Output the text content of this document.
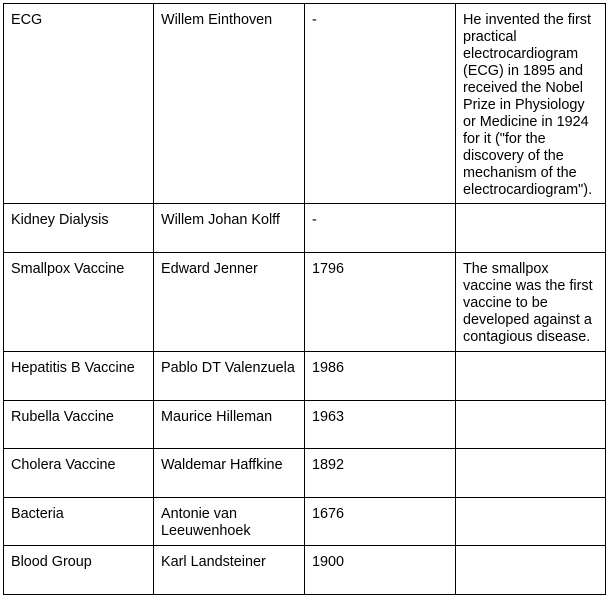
ECG	Willem Einthoven	-	He invented the first practical electrocardiogram (ECG) in 1895 and received the Nobel Prize in Physiology or Medicine in 1924 for it ("for the discovery of the mechanism of the electrocardiogram").

Kidney Dialysis	Willem Johan Kolff	-	

Smallpox Vaccine	Edward Jenner	1796	The smallpox vaccine was the first vaccine to be developed against a contagious disease.

Hepatitis B Vaccine	Pablo DT Valenzuela	1986	

Rubella Vaccine	Maurice Hilleman	1963	

Cholera Vaccine	Waldemar Haffkine	1892	

Bacteria	Antonie van Leeuwenhoek	1676	

Blood Group	Karl Landsteiner	1900	
